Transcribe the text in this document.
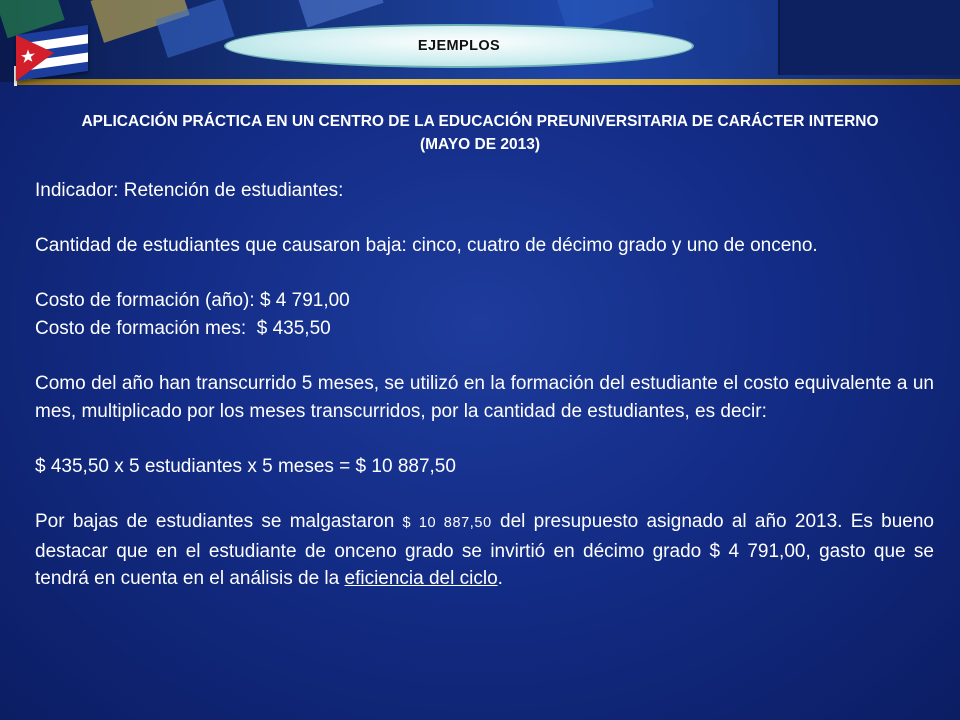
EJEMPLOS
APLICACIÓN PRÁCTICA EN UN CENTRO DE LA EDUCACIÓN PREUNIVERSITARIA DE CARÁCTER INTERNO (MAYO DE 2013)

Indicador: Retención de estudiantes:

Cantidad de estudiantes que causaron baja: cinco, cuatro de décimo grado y uno de onceno.

Costo de formación (año): $ 4 791,00

Costo de formación mes:  $ 435,50

Como del año han transcurrido 5 meses, se utilizó en la formación del estudiante el costo equivalente a un mes, multiplicado por los meses transcurridos, por la cantidad de estudiantes, es decir:

$ 435,50 x 5 estudiantes x 5 meses = $ 10 887,50

Por bajas de estudiantes se malgastaron $ 10 887,50 del presupuesto asignado al año 2013. Es bueno destacar que en el estudiante de onceno grado se invirtió en décimo grado $ 4 791,00, gasto que se tendrá en cuenta en el análisis de la eficiencia del ciclo.
